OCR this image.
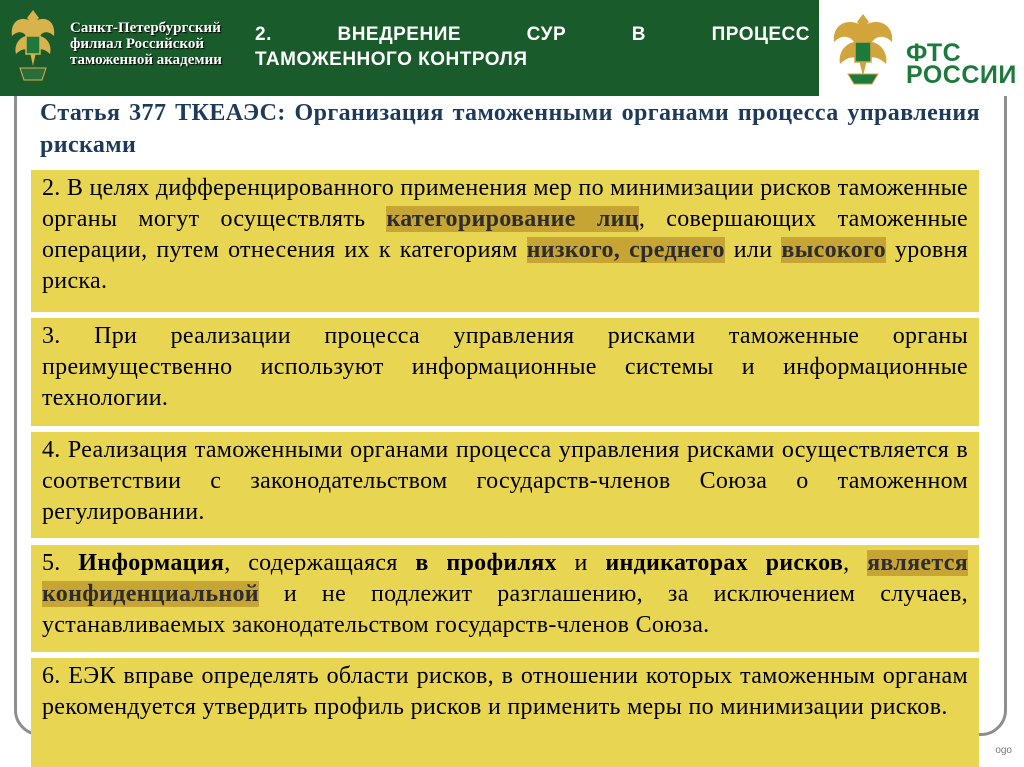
Санкт-Петербургский
филиал Российской
таможенной академии
2. ВНЕДРЕНИЕ СУР В ПРОЦЕСС
ТАМОЖЕННОГО КОНТРОЛЯ	ФТС
РОССИИ
Статья 377 ТКЕАЭС: Организация таможенными органами процесса управления рисками
2. В целях дифференцированного применения мер по минимизации рисков таможенные органы могут осуществлять категорирование лиц, совершающих таможенные операции, путем отнесения их к категориям низкого, среднего или высокого уровня риска.
3. При реализации процесса управления рисками таможенные органы преимущественно используют информационные системы и информационные технологии.
4. Реализация таможенными органами процесса управления рисками осуществляется в соответствии с законодательством государств-членов Союза о таможенном регулировании.
5. Информация, содержащаяся в профилях и индикаторах рисков, является конфиденциальной и не подлежит разглашению, за исключением случаев, устанавливаемых законодательством государств-членов Союза.
6. ЕЭК вправе определять области рисков, в отношении которых таможенным органам рекомендуется утвердить профиль рисков и применить меры по минимизации рисков.
ogo
